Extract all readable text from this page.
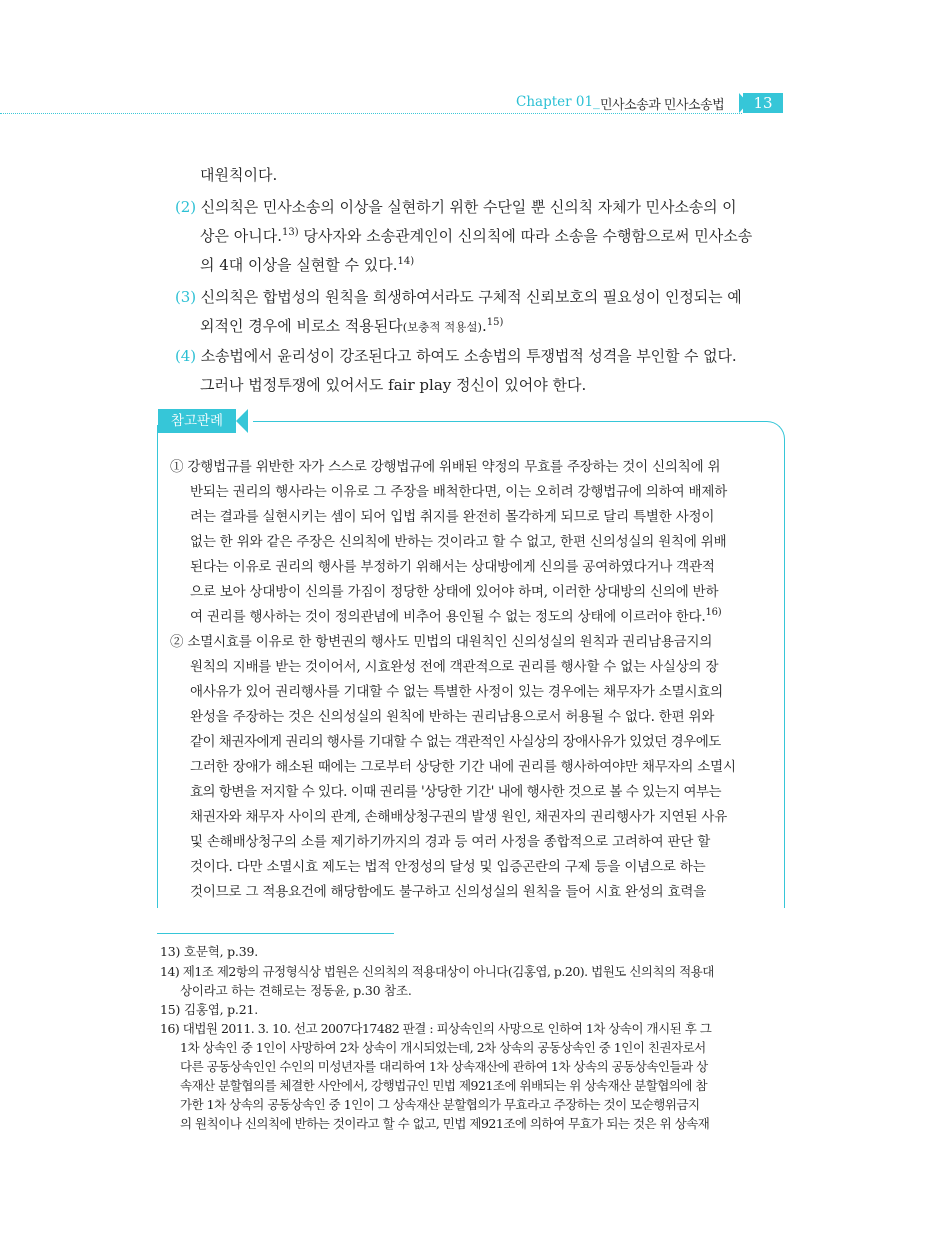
Chapter 01_ 민사소송과 민사소송법	13
대원칙이다.
(2) 신의칙은 민사소송의 이상을 실현하기 위한 수단일 뿐 신의칙 자체가 민사소송의 이
상은 아니다.$^{13)}$ 당사자와 소송관계인이 신의칙에 따라 소송을 수행함으로써 민사소송
의 4대 이상을 실현할 수 있다.$^{14)}$
(3) 신의칙은 합법성의 원칙을 희생하여서라도 구체적 신뢰보호의 필요성이 인정되는 예
외적인 경우에 비로소 적용된다(보충적 적용설).$^{15)}$
(4) 소송법에서 윤리성이 강조된다고 하여도 소송법의 투쟁법적 성격을 부인할 수 없다.
그러나 법정투쟁에 있어서도 fair play 정신이 있어야 한다.
참고판례
① 강행법규를 위반한 자가 스스로 강행법규에 위배된 약정의 무효를 주장하는 것이 신의칙에 위
반되는 권리의 행사라는 이유로 그 주장을 배척한다면, 이는 오히려 강행법규에 의하여 배제하
려는 결과를 실현시키는 셈이 되어 입법 취지를 완전히 몰각하게 되므로 달리 특별한 사정이
없는 한 위와 같은 주장은 신의칙에 반하는 것이라고 할 수 없고, 한편 신의성실의 원칙에 위배
된다는 이유로 권리의 행사를 부정하기 위해서는 상대방에게 신의를 공여하였다거나 객관적
으로 보아 상대방이 신의를 가짐이 정당한 상태에 있어야 하며, 이러한 상대방의 신의에 반하
여 권리를 행사하는 것이 정의관념에 비추어 용인될 수 없는 정도의 상태에 이르러야 한다.$^{16)}$
② 소멸시효를 이유로 한 항변권의 행사도 민법의 대원칙인 신의성실의 원칙과 권리남용금지의
원칙의 지배를 받는 것이어서, 시효완성 전에 객관적으로 권리를 행사할 수 없는 사실상의 장
애사유가 있어 권리행사를 기대할 수 없는 특별한 사정이 있는 경우에는 채무자가 소멸시효의
완성을 주장하는 것은 신의성실의 원칙에 반하는 권리남용으로서 허용될 수 없다. 한편 위와
같이 채권자에게 권리의 행사를 기대할 수 없는 객관적인 사실상의 장애사유가 있었던 경우에도
그러한 장애가 해소된 때에는 그로부터 상당한 기간 내에 권리를 행사하여야만 채무자의 소멸시
효의 항변을 저지할 수 있다. 이때 권리를 '상당한 기간' 내에 행사한 것으로 볼 수 있는지 여부는
채권자와 채무자 사이의 관계, 손해배상청구권의 발생 원인, 채권자의 권리행사가 지연된 사유
및 손해배상청구의 소를 제기하기까지의 경과 등 여러 사정을 종합적으로 고려하여 판단 할
것이다. 다만 소멸시효 제도는 법적 안정성의 달성 및 입증곤란의 구제 등을 이념으로 하는
것이므로 그 적용요건에 해당함에도 불구하고 신의성실의 원칙을 들어 시효 완성의 효력을
13) 호문혁, p.39.
14) 제1조 제2항의 규정형식상 법원은 신의칙의 적용대상이 아니다(김홍엽, p.20). 법원도 신의칙의 적용대
상이라고 하는 견해로는 정동윤, p.30 참조.
15) 김홍엽, p.21.
16) 대법원 2011. 3. 10. 선고 2007다17482 판결 : 피상속인의 사망으로 인하여 1차 상속이 개시된 후 그
1차 상속인 중 1인이 사망하여 2차 상속이 개시되었는데, 2차 상속의 공동상속인 중 1인이 친권자로서
다른 공동상속인인 수인의 미성년자를 대리하여 1차 상속재산에 관하여 1차 상속의 공동상속인들과 상
속재산 분할협의를 체결한 사안에서, 강행법규인 민법 제921조에 위배되는 위 상속재산 분할협의에 참
가한 1차 상속의 공동상속인 중 1인이 그 상속재산 분할협의가 무효라고 주장하는 것이 모순행위금지
의 원칙이나 신의칙에 반하는 것이라고 할 수 없고, 민법 제921조에 의하여 무효가 되는 것은 위 상속재
